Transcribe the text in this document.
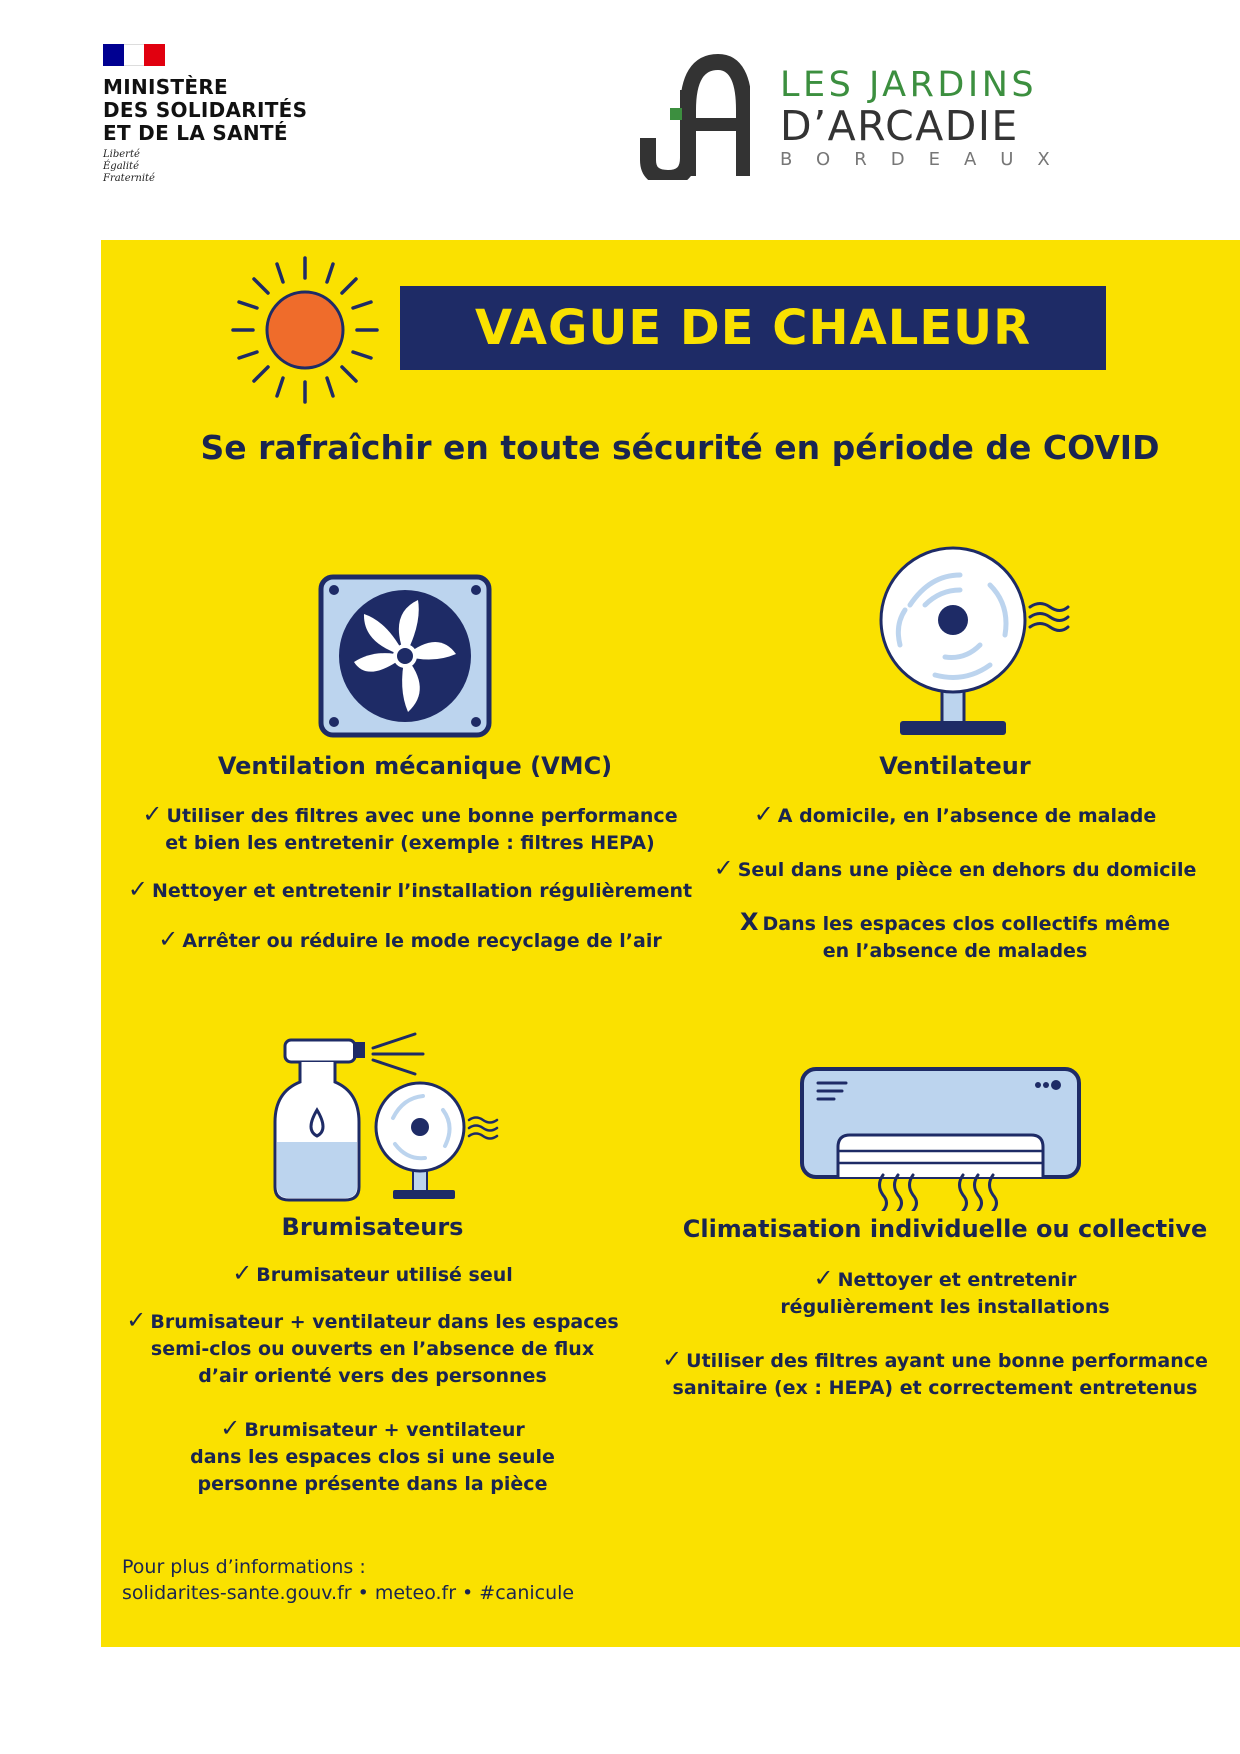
MINISTÈRE
DES SOLIDARITÉS
ET DE LA SANTÉ
Liberté
Égalité
Fraternité
LES JARDINS
D’ARCADIE
BORDEAUX
VAGUE DE CHALEUR
Se rafraîchir en toute sécurité en période de COVID
Ventilation mécanique (VMC)
✓ Utiliser des filtres avec une bonne performance
et bien les entretenir (exemple : filtres HEPA)
✓ Nettoyer et entretenir l’installation régulièrement
✓ Arrêter ou réduire le mode recyclage de l’air
Ventilateur
✓ A domicile, en l’absence de malade
✓ Seul dans une pièce en dehors du domicile
X Dans les espaces clos collectifs même
en l’absence de malades
Brumisateurs
✓ Brumisateur utilisé seul
✓ Brumisateur + ventilateur dans les espaces
semi-clos ou ouverts en l’absence de flux
d’air orienté vers des personnes
✓ Brumisateur + ventilateur
dans les espaces clos si une seule
personne présente dans la pièce
Climatisation individuelle ou collective
✓ Nettoyer et entretenir
régulièrement les installations
✓ Utiliser des filtres ayant une bonne performance
sanitaire (ex : HEPA) et correctement entretenus
Pour plus d’informations :
solidarites-sante.gouv.fr • meteo.fr • #canicule
